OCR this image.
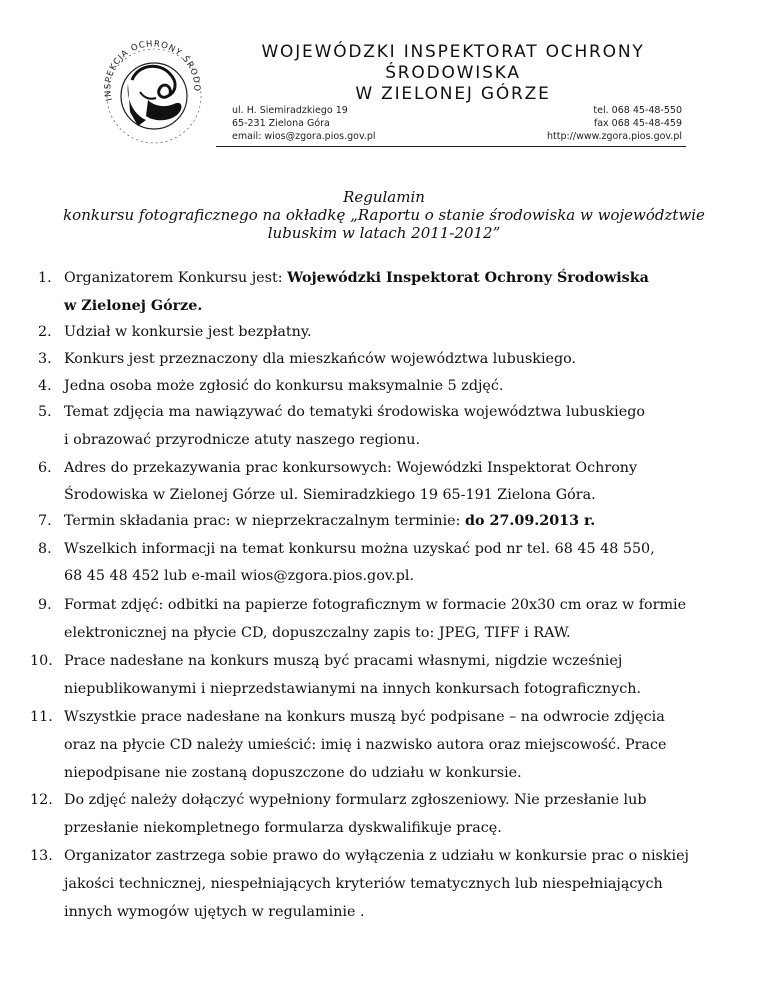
INSPEKCJA OCHRONY ŚRODO
WOJEWÓDZKI INSPEKTORAT OCHRONY ŚRODOWISKA
W ZIELONEJ GÓRZE
ul. H. Siemiradzkiego 19
65-231 Zielona Góra
email: wios@zgora.pios.gov.pl
tel. 068 45-48-550
fax 068 45-48-459
http://www.zgora.pios.gov.pl
Regulamin
konkursu fotograficznego na okładkę „Raportu o stanie środowiska w województwie
lubuskim w latach 2011-2012”
1. Organizatorem Konkursu jest: Wojewódzki Inspektorat Ochrony Środowiska
w Zielonej Górze.
2. Udział w konkursie jest bezpłatny.
3. Konkurs jest przeznaczony dla mieszkańców województwa lubuskiego.
4. Jedna osoba może zgłosić do konkursu maksymalnie 5 zdjęć.
5. Temat zdjęcia ma nawiązywać do tematyki środowiska województwa lubuskiego
i obrazować przyrodnicze atuty naszego regionu.
6. Adres do przekazywania prac konkursowych: Wojewódzki Inspektorat Ochrony
Środowiska w Zielonej Górze ul. Siemiradzkiego 19 65-191 Zielona Góra.
7. Termin składania prac: w nieprzekraczalnym terminie: do 27.09.2013 r.
8. Wszelkich informacji na temat konkursu można uzyskać pod nr tel. 68 45 48 550,
68 45 48 452 lub e-mail wios@zgora.pios.gov.pl.
9. Format zdjęć: odbitki na papierze fotograficznym w formacie 20x30 cm oraz w formie
elektronicznej na płycie CD, dopuszczalny zapis to: JPEG, TIFF i RAW.
10. Prace nadesłane na konkurs muszą być pracami własnymi, nigdzie wcześniej
niepublikowanymi i nieprzedstawianymi na innych konkursach fotograficznych.
11. Wszystkie prace nadesłane na konkurs muszą być podpisane – na odwrocie zdjęcia
oraz na płycie CD należy umieścić: imię i nazwisko autora oraz miejscowość. Prace
niepodpisane nie zostaną dopuszczone do udziału w konkursie.
12. Do zdjęć należy dołączyć wypełniony formularz zgłoszeniowy. Nie przesłanie lub
przesłanie niekompletnego formularza dyskwalifikuje pracę.
13. Organizator zastrzega sobie prawo do wyłączenia z udziału w konkursie prac o niskiej
jakości technicznej, niespełniających kryteriów tematycznych lub niespełniających
innych wymogów ujętych w regulaminie .
